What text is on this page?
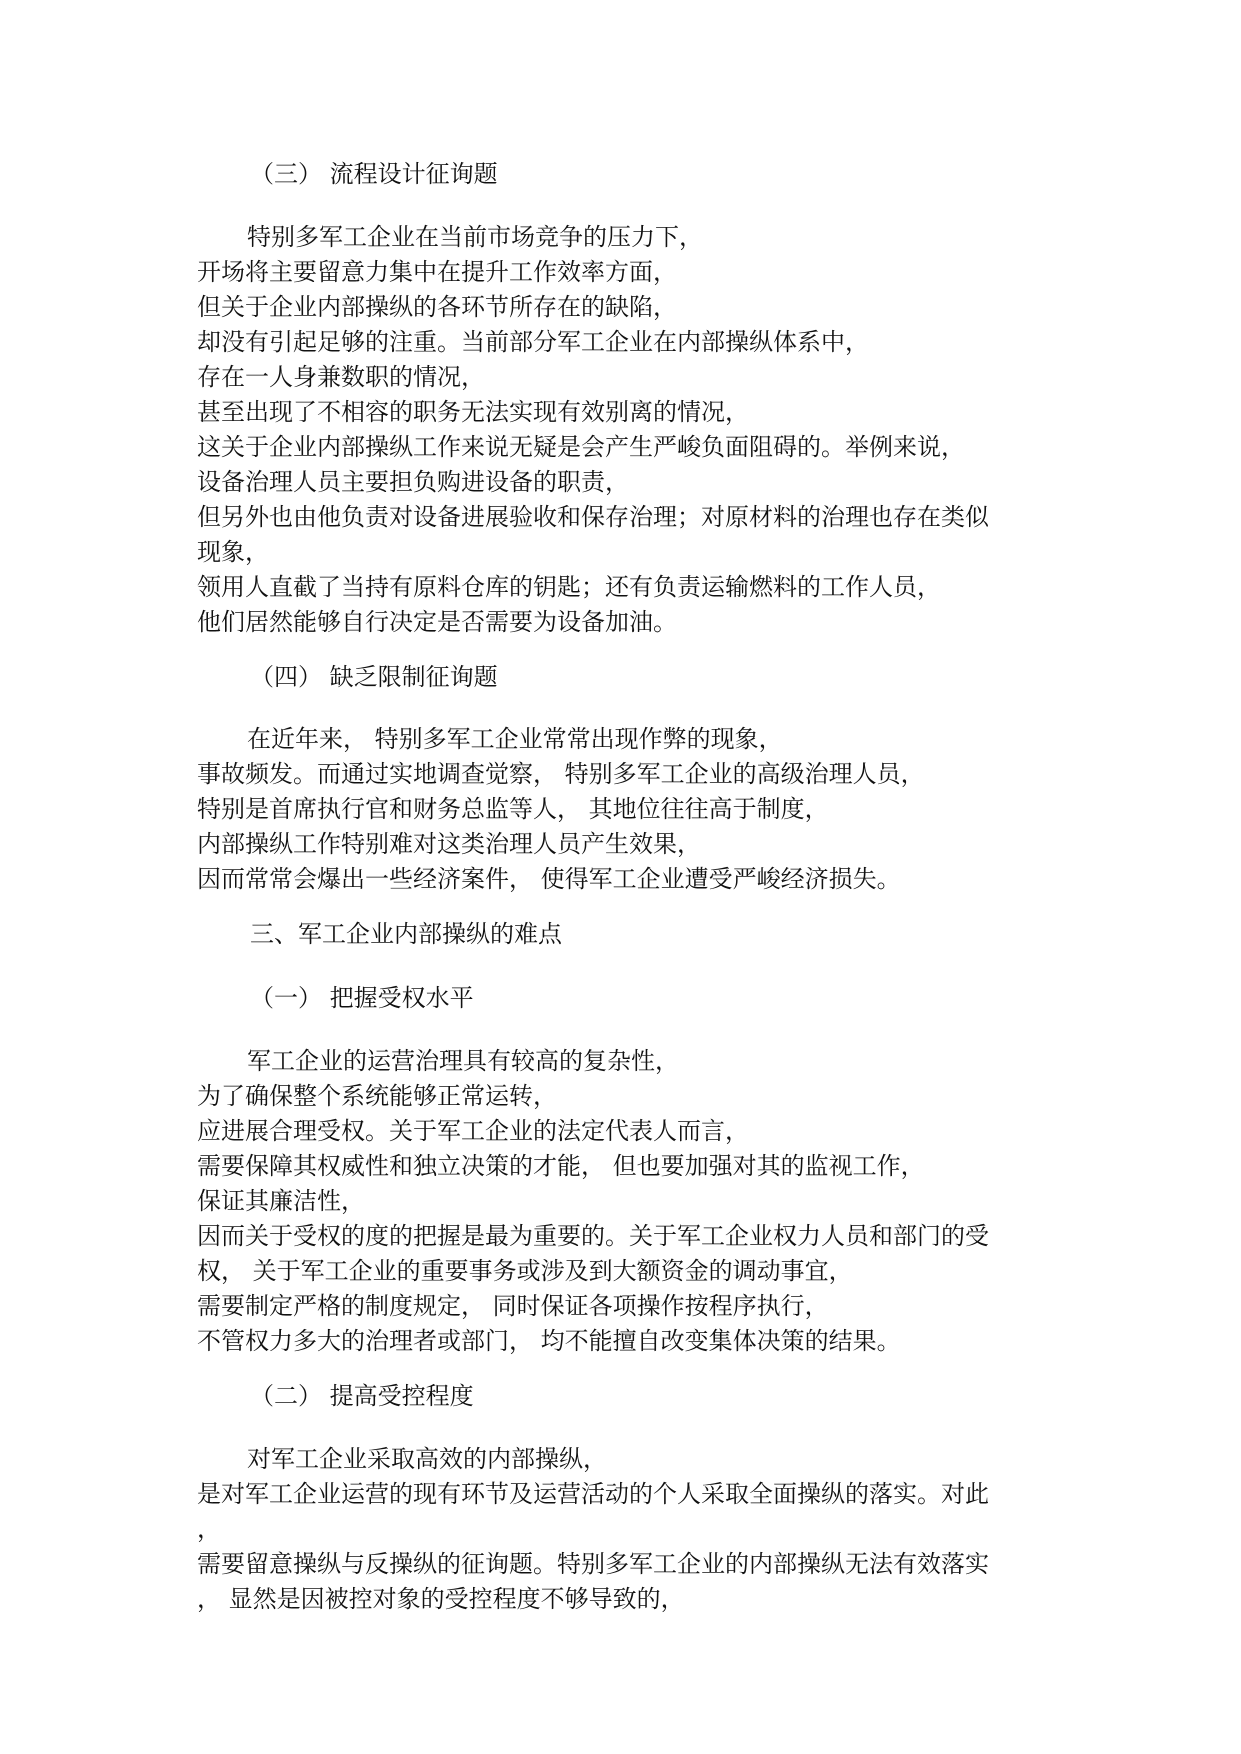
（三） 流程设计征询题
特别多军工企业在当前市场竞争的压力下，
开场将主要留意力集中在提升工作效率方面，
但关于企业内部操纵的各环节所存在的缺陷，
却没有引起足够的注重。当前部分军工企业在内部操纵体系中，
存在一人身兼数职的情况，
甚至出现了不相容的职务无法实现有效别离的情况，
这关于企业内部操纵工作来说无疑是会产生严峻负面阻碍的。举例来说，
设备治理人员主要担负购进设备的职责，
但另外也由他负责对设备进展验收和保存治理；对原材料的治理也存在类似
现象，
领用人直截了当持有原料仓库的钥匙；还有负责运输燃料的工作人员，
他们居然能够自行决定是否需要为设备加油。
（四） 缺乏限制征询题
在近年来， 特别多军工企业常常出现作弊的现象，
事故频发。而通过实地调查觉察， 特别多军工企业的高级治理人员，
特别是首席执行官和财务总监等人， 其地位往往高于制度，
内部操纵工作特别难对这类治理人员产生效果，
因而常常会爆出一些经济案件， 使得军工企业遭受严峻经济损失。
三、军工企业内部操纵的难点
（一） 把握受权水平
军工企业的运营治理具有较高的复杂性，
为了确保整个系统能够正常运转，
应进展合理受权。关于军工企业的法定代表人而言，
需要保障其权威性和独立决策的才能， 但也要加强对其的监视工作，
保证其廉洁性，
因而关于受权的度的把握是最为重要的。关于军工企业权力人员和部门的受
权， 关于军工企业的重要事务或涉及到大额资金的调动事宜，
需要制定严格的制度规定， 同时保证各项操作按程序执行，
不管权力多大的治理者或部门， 均不能擅自改变集体决策的结果。
（二） 提高受控程度
对军工企业采取高效的内部操纵，
是对军工企业运营的现有环节及运营活动的个人采取全面操纵的落实。对此
，
需要留意操纵与反操纵的征询题。特别多军工企业的内部操纵无法有效落实
， 显然是因被控对象的受控程度不够导致的，
